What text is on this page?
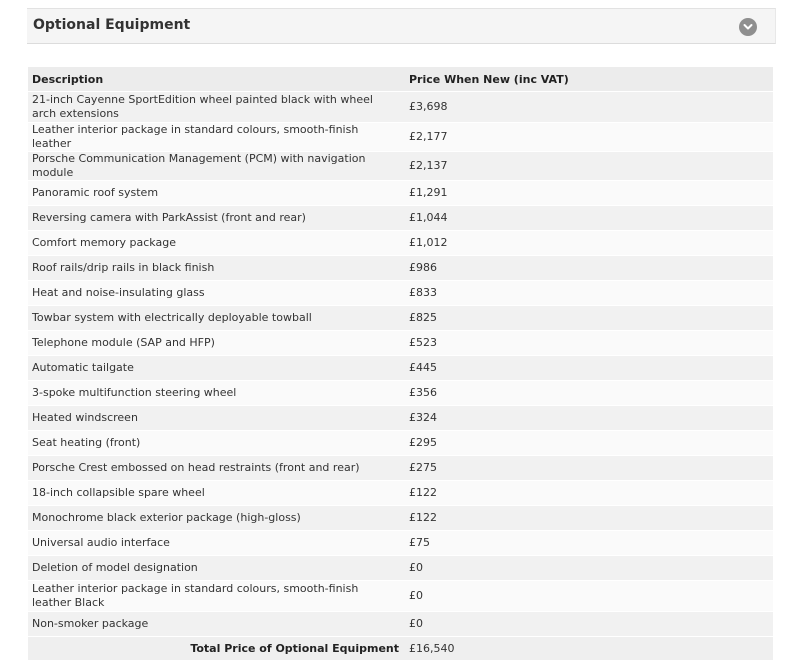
Optional Equipment
Description	Price When New (inc VAT)
21-inch Cayenne SportEdition wheel painted black with wheel arch extensions	£3,698
Leather interior package in standard colours, smooth-finish leather	£2,177
Porsche Communication Management (PCM) with navigation module	£2,137
Panoramic roof system	£1,291
Reversing camera with ParkAssist (front and rear)	£1,044
Comfort memory package	£1,012
Roof rails/drip rails in black finish	£986
Heat and noise-insulating glass	£833
Towbar system with electrically deployable towball	£825
Telephone module (SAP and HFP)	£523
Automatic tailgate	£445
3-spoke multifunction steering wheel	£356
Heated windscreen	£324
Seat heating (front)	£295
Porsche Crest embossed on head restraints (front and rear)	£275
18-inch collapsible spare wheel	£122
Monochrome black exterior package (high-gloss)	£122
Universal audio interface	£75
Deletion of model designation	£0
Leather interior package in standard colours, smooth-finish leather Black	£0
Non-smoker package	£0
Total Price of Optional Equipment	£16,540
